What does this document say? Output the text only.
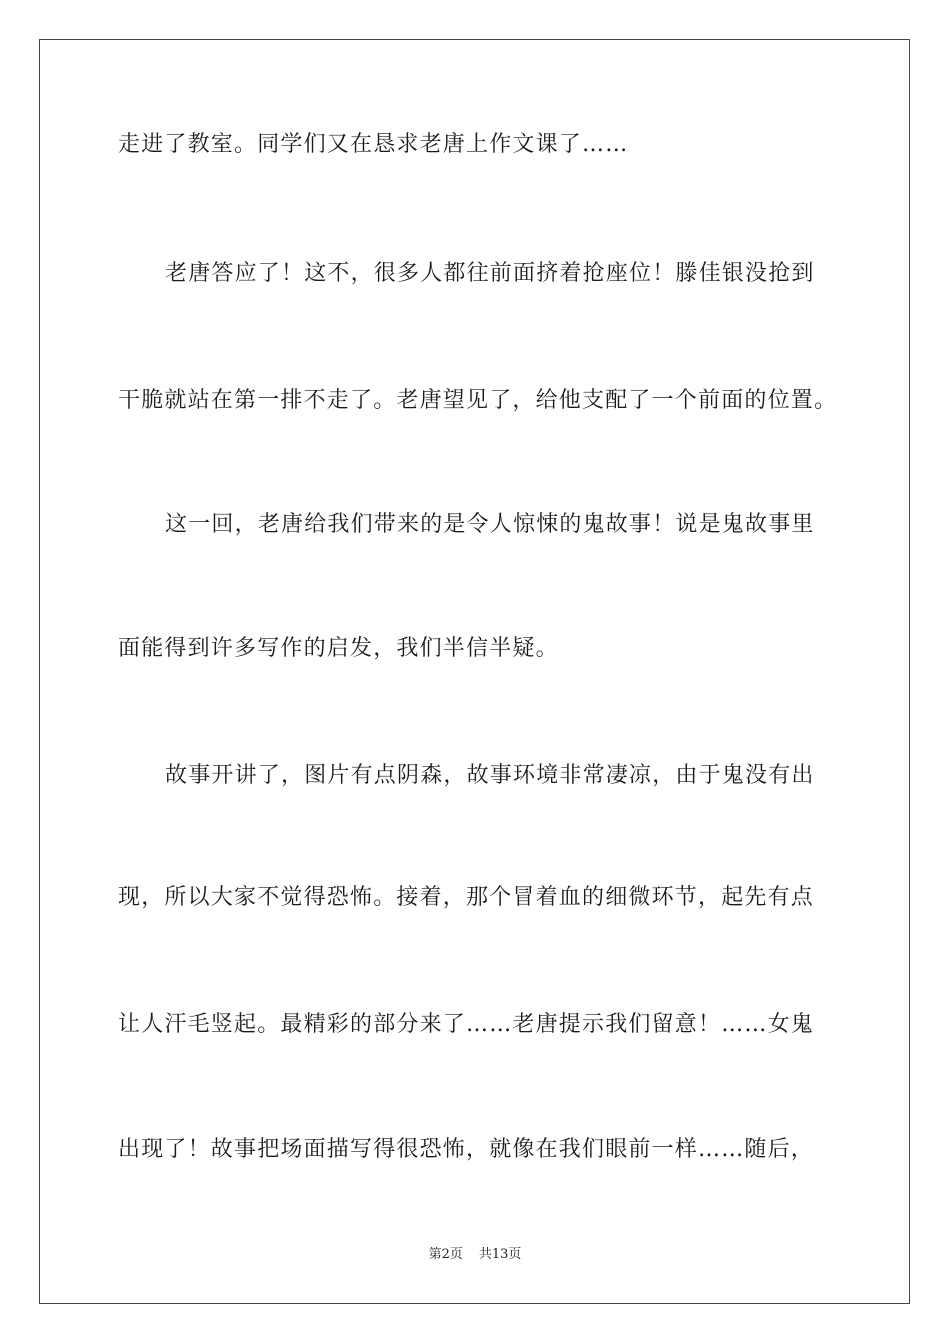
走进了教室。同学们又在恳求老唐上作文课了……
老唐答应了！这不，很多人都往前面挤着抢座位！滕佳银没抢到
干脆就站在第一排不走了。老唐望见了，给他支配了一个前面的位置。
这一回，老唐给我们带来的是令人惊悚的鬼故事！说是鬼故事里
面能得到许多写作的启发，我们半信半疑。
故事开讲了，图片有点阴森，故事环境非常凄凉，由于鬼没有出
现，所以大家不觉得恐怖。接着，那个冒着血的细微环节，起先有点
让人汗毛竖起。最精彩的部分来了……老唐提示我们留意！……女鬼
出现了！故事把场面描写得很恐怖，就像在我们眼前一样……随后，
第2页 共13页
